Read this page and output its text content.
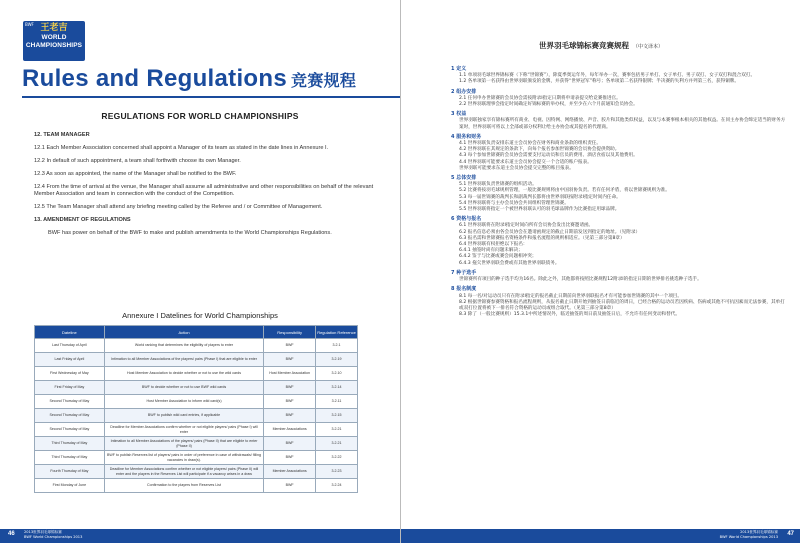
BWF 王老吉
WORLD
CHAMPIONSHIPS
Rules and Regulations 竞赛规程
REGULATIONS FOR WORLD CHAMPIONSHIPS
12. TEAM MANAGER

12.1 Each Member Association concerned shall appoint a Manager of its team as stated in the date lines in Annexure I.

12.2 In default of such appointment, a team shall forthwith choose its own Manager.

12.3 As soon as appointed, the name of the Manager shall be notified to the BWF.

12.4 From the time of arrival at the venue, the Manager shall assume all administrative and other responsibilities on behalf of the relevant Member Association and team in connection with the conduct of the Competition.

12.5 The Team Manager shall attend any briefing meeting called by the Referee and / or Committee of Management.

13. AMENDMENT OF REGULATIONS

BWF has power on behalf of the BWF to make and publish amendments to the World Championships Regulations.

Annexure I Datelines for World Championships
Dateline	Action	Responsibility	Regulation Reference
Last Thursday of April	World ranking that determines the eligibility of players to enter	BWF	3.2.1
Last Friday of April	Intimation to all Member Associations of the players/ pairs (Phase I) that are eligible to enter	BWF	3.2.19
First Wednesday of May	Host Member Association to decide whether or not to use the wild cards	Host Member Association	3.2.10
First Friday of May	BWF to decide whether or not to use BWF wild cards	BWF	3.2.14
Second Thursday of May	Host Member Association to inform wild card(s)	BWF	3.2.11
Second Thursday of May	BWF to publish wild card entries, if applicable	BWF	3.2.15
Second Thursday of May	Deadline for Member Associations confirm whether or not eligible players/ pairs (Phase I) will enter	Member Associations	3.2.21
Third Thursday of May	Intimation to all Member Associations of the players/ pairs (Phase II) that are eligible to enter (Phase II)	BWF	3.2.21
Third Thursday of May	BWF to publish Reserves list of players/ pairs in order of preference in case of withdrawals/ filling vacancies in draw(s).	BWF	3.2.22
Fourth Thursday of May	Deadline for Member Associations confirm whether or not eligible players/ pairs (Phase II) will enter and the players in the Reserves List will participate if a vacancy arises in a draw	Member Associations	3.2.23
First Monday of June	Confirmation to the players from Reserves List	BWF	3.2.24
46	2013世界羽毛球锦标赛
BWF World Championships 2013
世界羽毛球锦标赛竞赛规程 （中文译本）
1 定义
1.1 单项羽毛球世界锦标赛（下称“世锦赛”），除夏季奥运年外，每年举办一次，赛事包括男子单打、女子单打、男子双打、女子双打和混合双打。
1.2 各单项第一名获得由世界羽联颁发的金牌，并获得“世界冠军”称号；各单项第二名获得银牌；半决赛的失利方并列第三名，获得铜牌。
2 组办安排
2.1 任何申办世锦赛的会员协会需按附录Ⅰ指定日期将申请表提交给竞赛推进官。
2.2 世界羽联理事会指定时间确定好锦标赛的举办权，并至少在六个月前通知会员协会。
3 权益
世界羽联独家享有锦标赛所有商业、电视、因特网、网络播放、声音、胶片和其他类似权益，以及与本赛事根本相关的其他权益。在同主办协会缔定适当的财务方案时，世界羽联可将以上全部或部分权利让给主办协会或其提名的代理商。
4 服务和财务
4.1 世界羽联负责安排东道主会员协会在财务和商业条款的组织责任。
4.2 世界羽联在其规定的条款下，向每个报名参加世锦赛的会员协会提供资助。
4.3 每个参加世锦赛的会员协会需要支付运动员和官员的费用、酒店食宿以及其他费用。
4.4 世界羽联可能要求东道主会员协会提交一个合适的账户报表。
世界羽联可能要求东道主会员协会提交完整的账目报表。
5 总体安排
5.1 世界羽联负责世锦赛的组织活动。
5.2 比赛将按羽毛球规则管理，一般比赛规则将由中国羽协负责。若有任何矛盾，将以世锦赛规则为准。
5.3 每一届世锦赛的裁判长和副裁判长都将由世界羽联按附录Ⅰ指定时间内任命。
5.4 世界羽联将与主办会员协会共同组织管理世锦赛。
5.5 世界羽联将指定一个被世界羽联认可的羽毛球品牌作为比赛指定用球品牌。
6 资格与报名
6.1 世界羽联将在附录Ⅰ指定时间向所有会员协会发出比赛邀请函。
6.2 报名信息必须由各会员协会在邀请函规定的截止日期前发送到指定的地址。（见附录）
6.3 报名需和世锦赛报名资格条件和报名流程的规则相适应。（见第三部分第8章）
6.4 世界羽联有权拒绝以下报名：
6.4.1 抽签时尚有问题未解决；
6.4.2 鉴于与比赛或赛会问题相冲突；
6.4.3 拖欠世界羽联会费或有其他世界羽联债务。
7 种子选手
世锦赛所有项目的种子选手均为16名。除此之外，其他都将按照比赛规程12附录Ⅰ的指定日期的世界排名挑选种子选手。
8 报名制度
8.1 每一名/对运动员只有在附录Ⅰ指定的报名截止日期前向世界羽联报名才有可能参加世锦赛的其中一个项目。
8.2 根据世锦赛参赛资格和报名流程规则，从报名截止日期开始到抽签日前临近的周日，已经合格的运动员若因疾病、伤病或其他不可抗因素而无法参赛，其单打或双打位置将被下一排名符合资格的运动员或组合取代。（见第三部分第8章）
8.3 除了（一般比赛规则）15.3.1中所述情况外，临近抽签的周日前及抽签日后，不允许有任何变动和替代。
2013世界羽毛球锦标赛
BWF World Championships 2013 47
